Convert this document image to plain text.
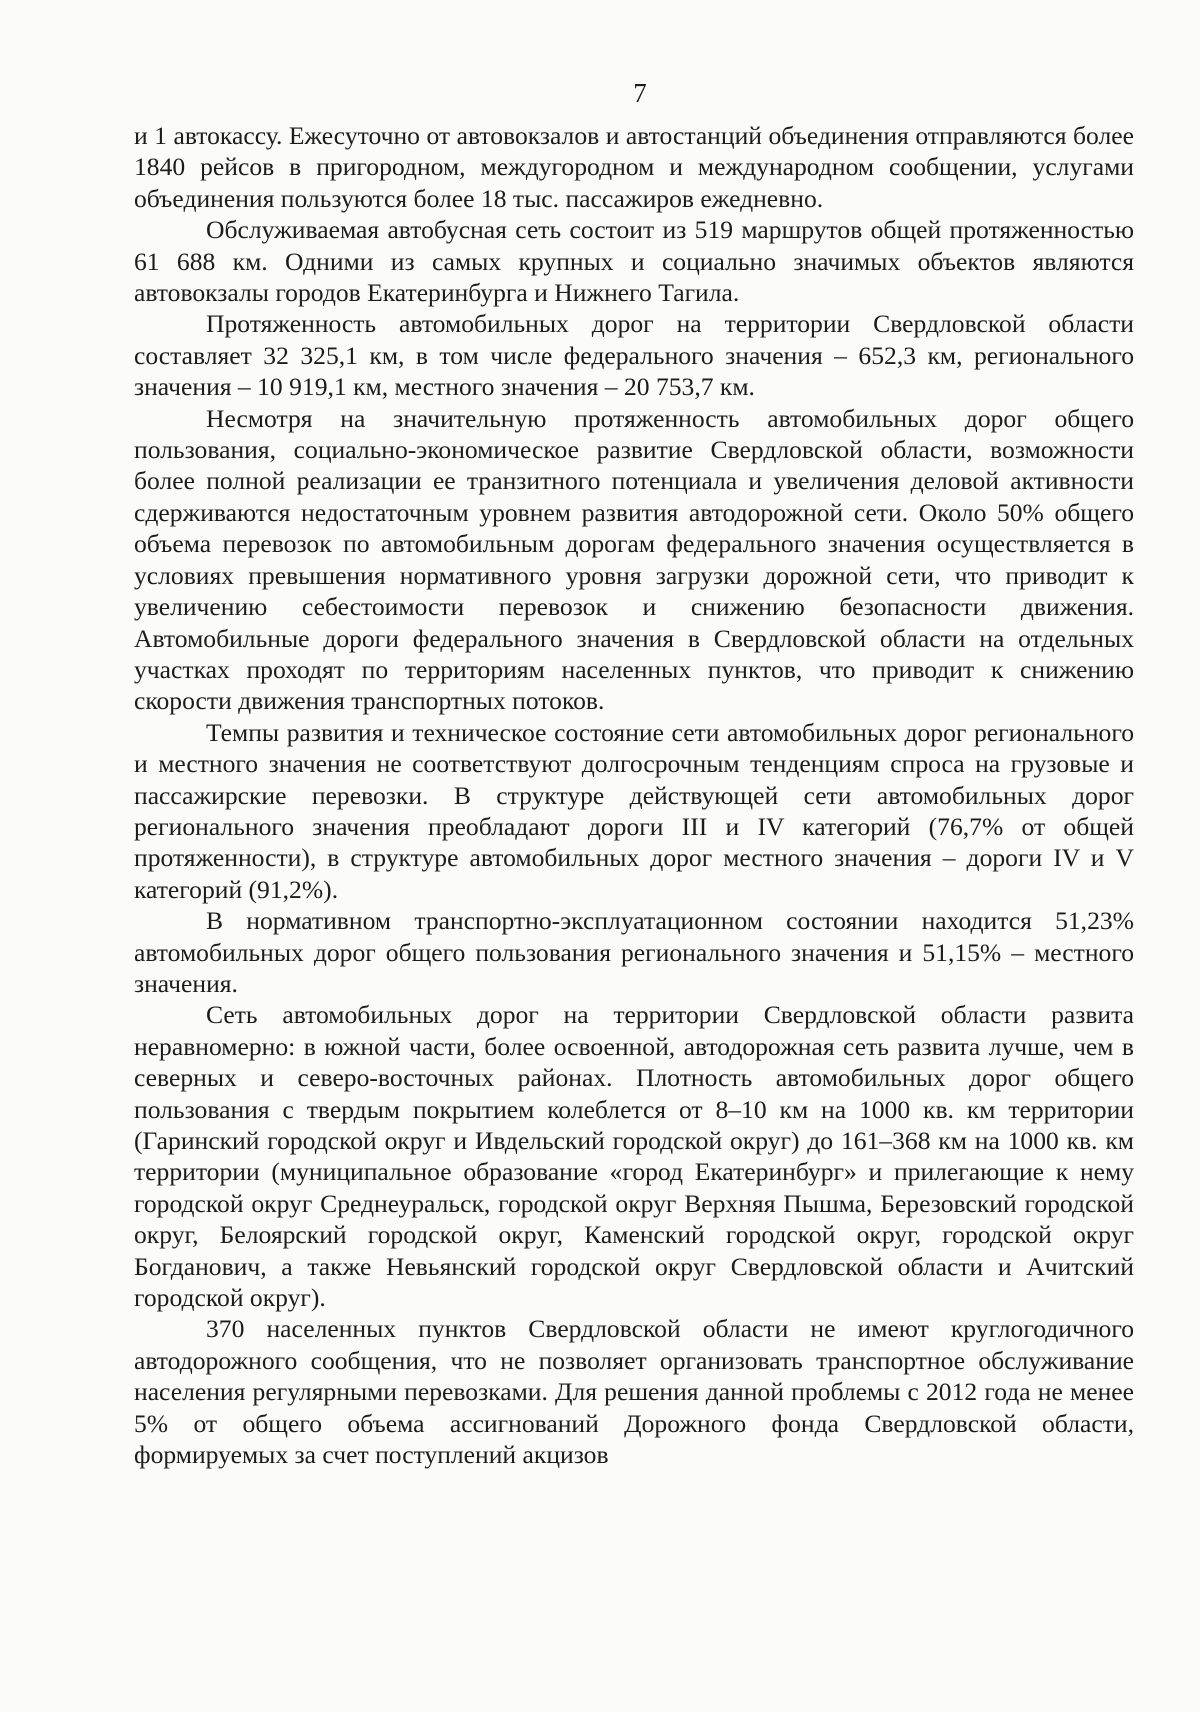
7

и 1 автокассу. Ежесуточно от автовокзалов и автостанций объединения отправляются более 1840 рейсов в пригородном, междугородном и международном сообщении, услугами объединения пользуются более 18 тыс. пассажиров ежедневно.

Обслуживаемая автобусная сеть состоит из 519 маршрутов общей протяженностью 61 688 км. Одними из самых крупных и социально значимых объектов являются автовокзалы городов Екатеринбурга и Нижнего Тагила.

Протяженность автомобильных дорог на территории Свердловской области составляет 32 325,1 км, в том числе федерального значения – 652,3 км, регионального значения – 10 919,1 км, местного значения – 20 753,7 км.

Несмотря на значительную протяженность автомобильных дорог общего пользования, социально-экономическое развитие Свердловской области, возможности более полной реализации ее транзитного потенциала и увеличения деловой активности сдерживаются недостаточным уровнем развития автодорожной сети. Около 50% общего объема перевозок по автомобильным дорогам федерального значения осуществляется в условиях превышения нормативного уровня загрузки дорожной сети, что приводит к увеличению себестоимости перевозок и снижению безопасности движения. Автомобильные дороги федерального значения в Свердловской области на отдельных участках проходят по территориям населенных пунктов, что приводит к снижению скорости движения транспортных потоков.

Темпы развития и техническое состояние сети автомобильных дорог регионального и местного значения не соответствуют долгосрочным тенденциям спроса на грузовые и пассажирские перевозки. В структуре действующей сети автомобильных дорог регионального значения преобладают дороги III и IV категорий (76,7% от общей протяженности), в структуре автомобильных дорог местного значения – дороги IV и V категорий (91,2%).

В нормативном транспортно-эксплуатационном состоянии находится 51,23% автомобильных дорог общего пользования регионального значения и 51,15% – местного значения.

Сеть автомобильных дорог на территории Свердловской области развита неравномерно: в южной части, более освоенной, автодорожная сеть развита лучше, чем в северных и северо-восточных районах. Плотность автомобильных дорог общего пользования с твердым покрытием колеблется от 8–10 км на 1000 кв. км территории (Гаринский городской округ и Ивдельский городской округ) до 161–368 км на 1000 кв. км территории (муниципальное образование «город Екатеринбург» и прилегающие к нему городской округ Среднеуральск, городской округ Верхняя Пышма, Березовский городской округ, Белоярский городской округ, Каменский городской округ, городской округ Богданович, а также Невьянский городской округ Свердловской области и Ачитский городской округ).

370 населенных пунктов Свердловской области не имеют круглогодичного автодорожного сообщения, что не позволяет организовать транспортное обслуживание населения регулярными перевозками. Для решения данной проблемы с 2012 года не менее 5% от общего объема ассигнований Дорожного фонда Свердловской области, формируемых за счет поступлений акцизов
